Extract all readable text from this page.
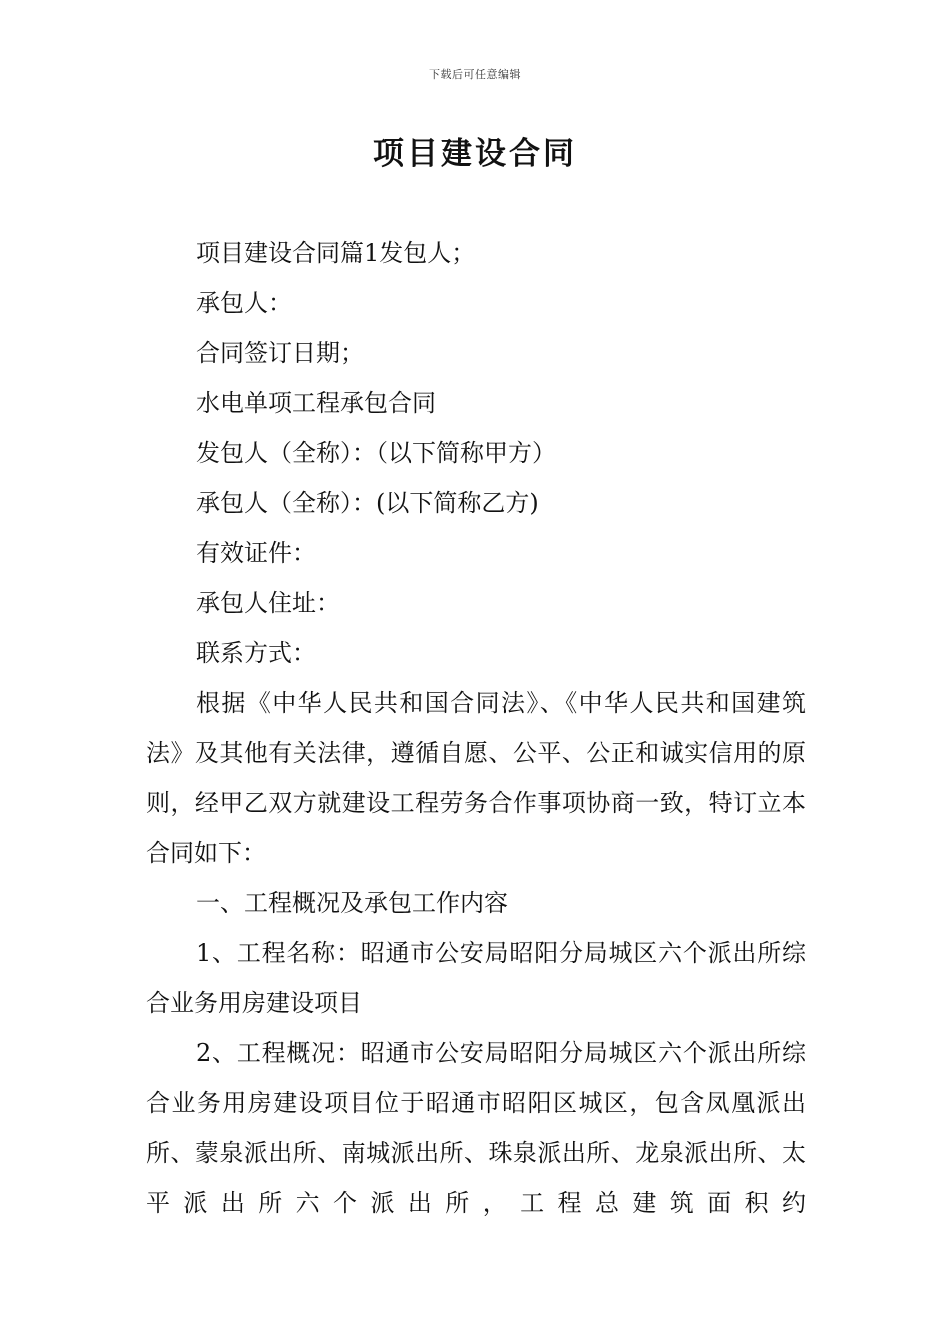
下载后可任意编辑
项目建设合同

项目建设合同篇1发包人；

承包人：

合同签订日期；

水电单项工程承包合同

发包人（全称）：（以下简称甲方）

承包人（全称）：(以下简称乙方)

有效证件：

承包人住址：

联系方式：

根据《中华人民共和国合同法》、《中华人民共和国建筑法》及其他有关法律，遵循自愿、公平、公正和诚实信用的原则，经甲乙双方就建设工程劳务合作事项协商一致，特订立本合同如下：

一、工程概况及承包工作内容

1、工程名称：昭通市公安局昭阳分局城区六个派出所综合业务用房建设项目

2、工程概况：昭通市公安局昭阳分局城区六个派出所综合业务用房建设项目位于昭通市昭阳区城区，包含凤凰派出所、蒙泉派出所、南城派出所、珠泉派出所、龙泉派出所、太平派出所六个派出所，工程总建筑面积约
